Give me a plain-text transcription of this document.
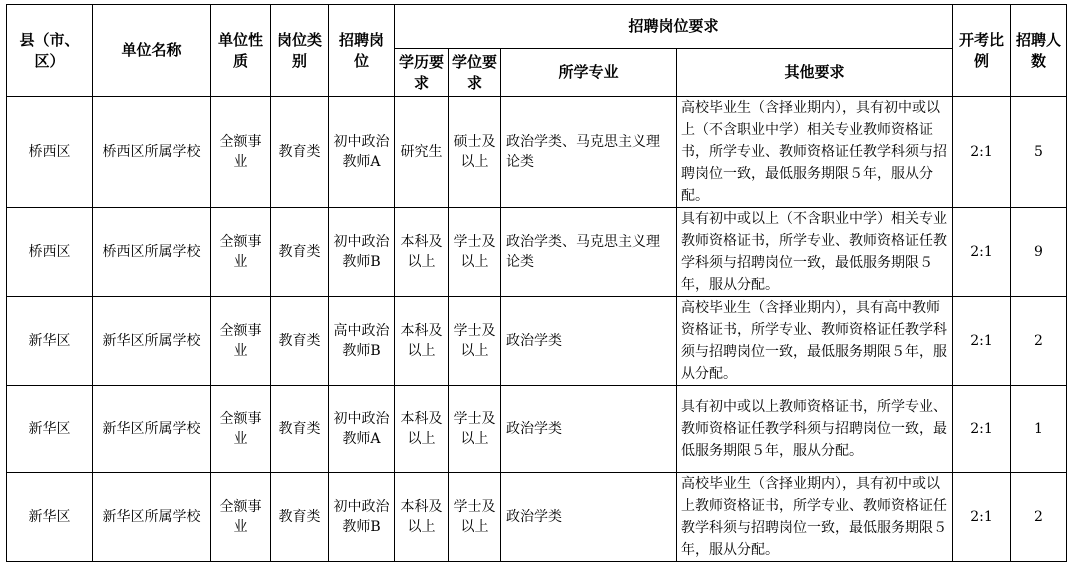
县（市、区）	单位名称	单位性质	岗位类别	招聘岗位	招聘岗位要求				开考比例	招聘人数
					学历要求	学位要求	所学专业	其他要求		
桥西区	桥西区所属学校	全额事业	教育类	初中政治教师A	研究生	硕士及以上	政治学类、马克思主义理论类	高校毕业生（含择业期内），具有初中或以上（不含职业中学）相关专业教师资格证书，所学专业、教师资格证任教学科须与招聘岗位一致，最低服务期限５年，服从分配。	2:1	5
桥西区	桥西区所属学校	全额事业	教育类	初中政治教师B	本科及以上	学士及以上	政治学类、马克思主义理论类	具有初中或以上（不含职业中学）相关专业教师资格证书，所学专业、教师资格证任教学科须与招聘岗位一致，最低服务期限５年，服从分配。	2:1	9
新华区	新华区所属学校	全额事业	教育类	高中政治教师B	本科及以上	学士及以上	政治学类	高校毕业生（含择业期内），具有高中教师资格证书，所学专业、教师资格证任教学科须与招聘岗位一致，最低服务期限５年，服从分配。	2:1	2
新华区	新华区所属学校	全额事业	教育类	初中政治教师A	本科及以上	学士及以上	政治学类	具有初中或以上教师资格证书，所学专业、教师资格证任教学科须与招聘岗位一致，最低服务期限５年，服从分配。	2:1	1
新华区	新华区所属学校	全额事业	教育类	初中政治教师B	本科及以上	学士及以上	政治学类	高校毕业生（含择业期内），具有初中或以上教师资格证书，所学专业、教师资格证任教学科须与招聘岗位一致，最低服务期限５年，服从分配。	2:1	2
